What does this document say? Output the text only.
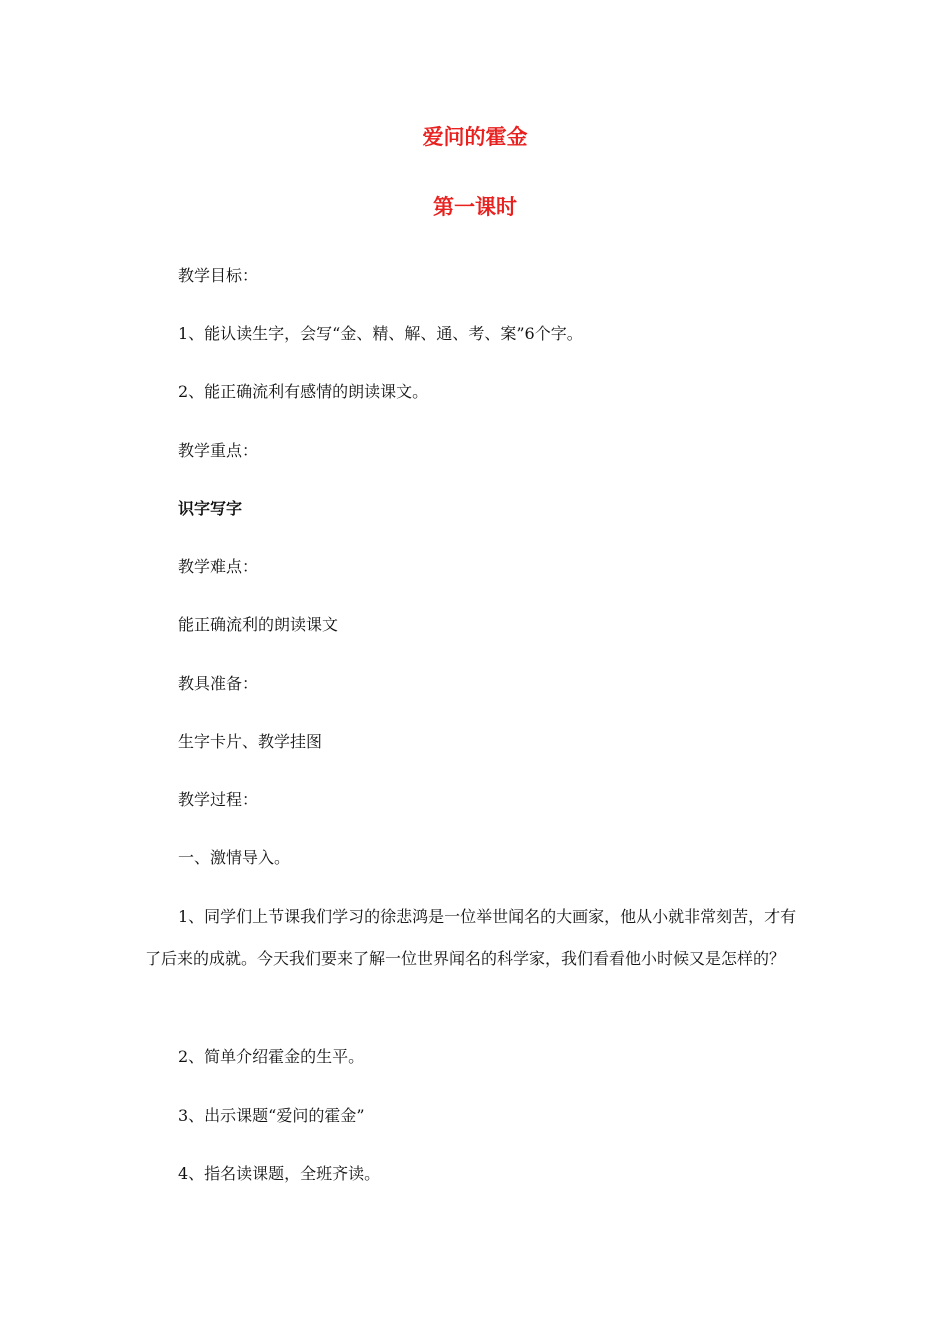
爱问的霍金
第一课时

教学目标：

1、能认读生字，会写“金、精、解、通、考、案”6个字。

2、能正确流利有感情的朗读课文。

教学重点：

识字写字

教学难点：

能正确流利的朗读课文

教具准备：

生字卡片、教学挂图

教学过程：

一、激情导入。

1、同学们上节课我们学习的徐悲鸿是一位举世闻名的大画家，他从小就非常刻苦，才有了后来的成就。今天我们要来了解一位世界闻名的科学家，我们看看他小时候又是怎样的？

2、简单介绍霍金的生平。

3、出示课题“爱问的霍金”

4、指名读课题，全班齐读。
